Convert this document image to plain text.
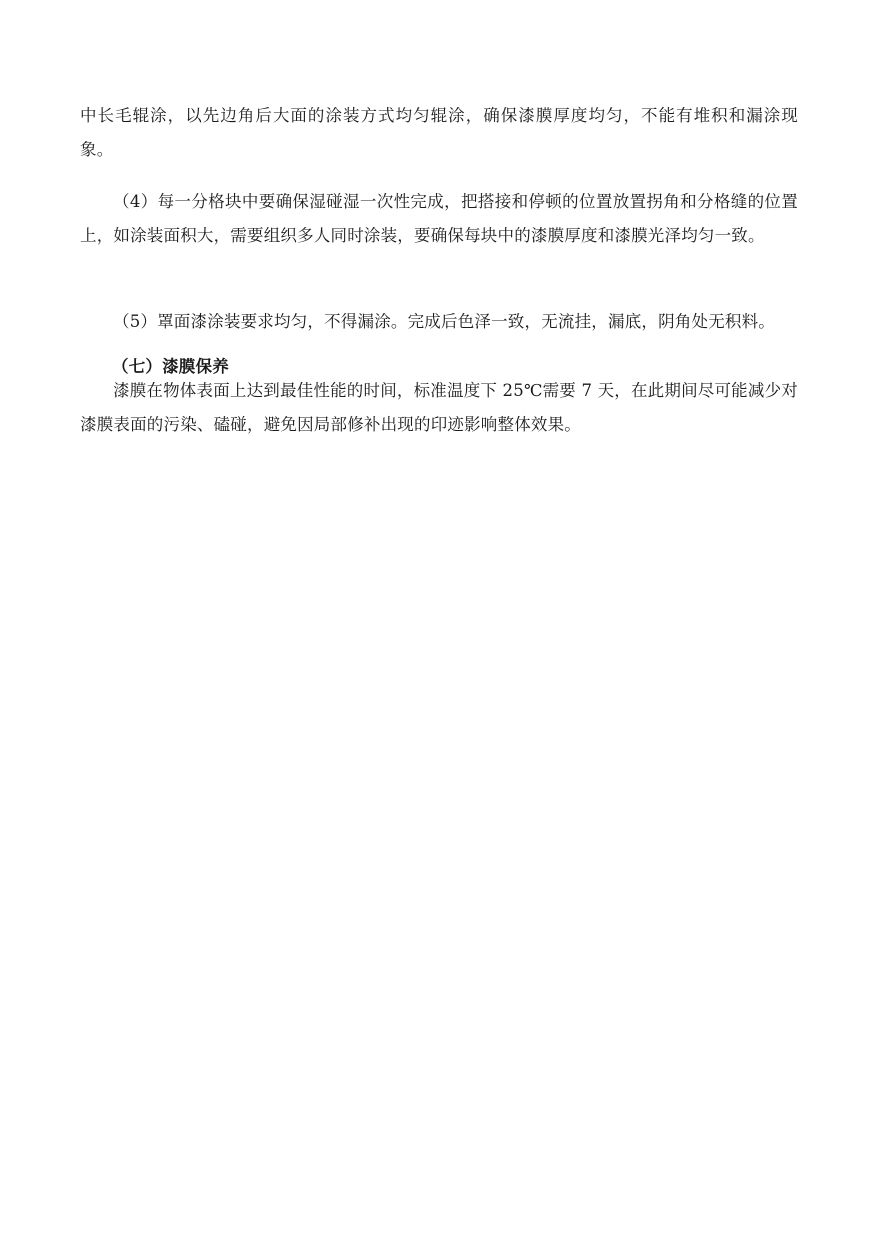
中长毛辊涂，以先边角后大面的涂装方式均匀辊涂，确保漆膜厚度均匀，不能有堆积和漏涂现象。

（4）每一分格块中要确保湿碰湿一次性完成，把搭接和停顿的位置放置拐角和分格缝的位置上，如涂装面积大，需要组织多人同时涂装，要确保每块中的漆膜厚度和漆膜光泽均匀一致。

（5）罩面漆涂装要求均匀，不得漏涂。完成后色泽一致，无流挂，漏底，阴角处无积料。

（七）漆膜保养

漆膜在物体表面上达到最佳性能的时间，标准温度下 25℃需要 7 天，在此期间尽可能减少对漆膜表面的污染、磕碰，避免因局部修补出现的印迹影响整体效果。
